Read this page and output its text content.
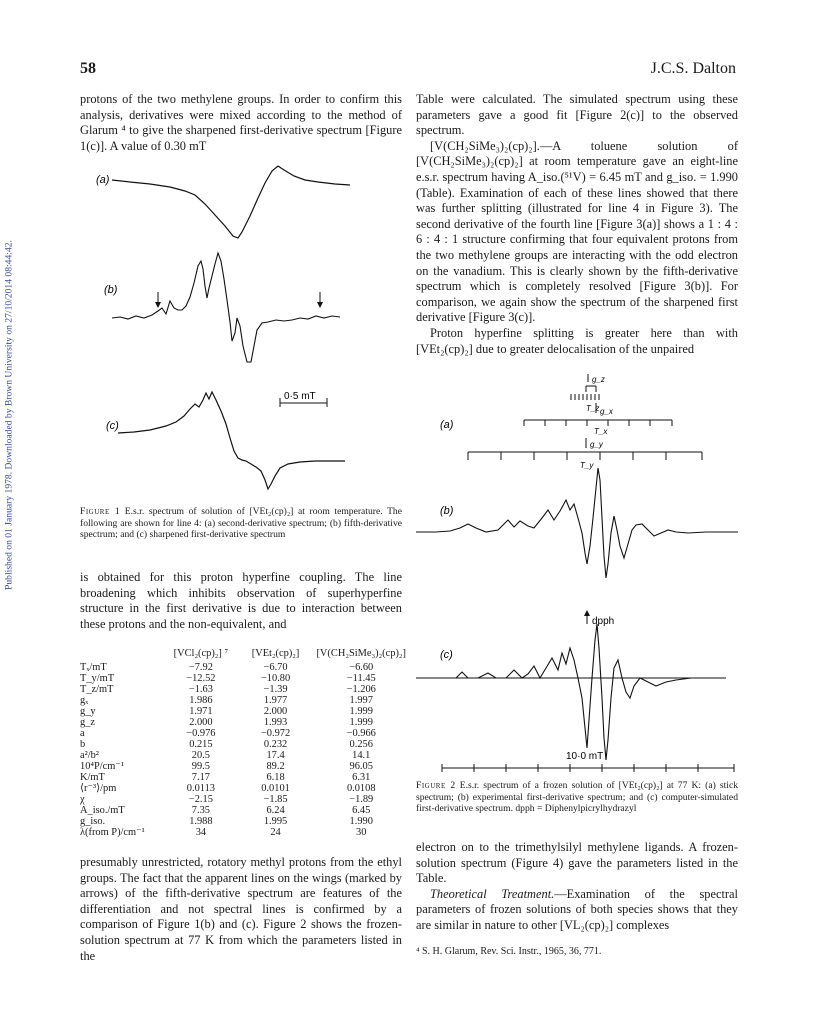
58	J.C.S. Dalton
Published on 01 January 1978. Downloaded by Brown University on 27/10/2014 08:44:42.

protons of the two methylene groups. In order to confirm this analysis, derivatives were mixed according to the method of Glarum ⁴ to give the sharpened first-derivative spectrum [Figure 1(c)]. A value of 0.30 mT

(a)
(b)
0·5 mT
(c)
Figure 1 E.s.r. spectrum of solution of [VEt₂(cp)₂] at room temperature. The following are shown for line 4: (a) second-derivative spectrum; (b) fifth-derivative spectrum; and (c) sharpened first-derivative spectrum

is obtained for this proton hyperfine coupling. The line broadening which inhibits observation of superhyperfine structure in the first derivative is due to interaction between these protons and the non-equivalent, and

	[VCl₂(cp)₂] ⁷	[VEt₂(cp)₂]	[V(CH₂SiMe₃)₂(cp)₂]
Tₓ/mT	−7.92	−6.70	−6.60
T_y/mT	−12.52	−10.80	−11.45
T_z/mT	−1.63	−1.39	−1.206
gₓ	1.986	1.977	1.997
g_y	1.971	2.000	1.999
g_z	2.000	1.993	1.999
a	−0.976	−0.972	−0.966
b	0.215	0.232	0.256
a²/b²	20.5	17.4	14.1
10⁴P/cm⁻¹	99.5	89.2	96.05
K/mT	7.17	6.18	6.31
⟨r⁻³⟩/pm	0.0113	0.0101	0.0108
χ	−2.15	−1.85	−1.89
A_iso./mT	7.35	6.24	6.45
g_iso.	1.988	1.995	1.990
λ(from P)/cm⁻¹	34	24	30

presumably unrestricted, rotatory methyl protons from the ethyl groups. The fact that the apparent lines on the wings (marked by arrows) of the fifth-derivative spectrum are features of the differentiation and not spectral lines is confirmed by a comparison of Figure 1(b) and (c). Figure 2 shows the frozen-solution spectrum at 77 K from which the parameters listed in the

Table were calculated. The simulated spectrum using these parameters gave a good fit [Figure 2(c)] to the observed spectrum.

[V(CH₂SiMe₃)₂(cp)₂].—A toluene solution of [V(CH₂SiMe₃)₂(cp)₂] at room temperature gave an eight-line e.s.r. spectrum having A_iso.(⁵¹V) = 6.45 mT and g_iso. = 1.990 (Table). Examination of each of these lines showed that there was further splitting (illustrated for line 4 in Figure 3). The second derivative of the fourth line [Figure 3(a)] shows a 1 : 4 : 6 : 4 : 1 structure confirming that four equivalent protons from the two methylene groups are interacting with the odd electron on the vanadium. This is clearly shown by the fifth-derivative spectrum which is completely resolved [Figure 3(b)]. For comparison, we again show the spectrum of the sharpened first derivative [Figure 3(c)].

Proton hyperfine splitting is greater here than with [VEt₂(cp)₂] due to greater delocalisation of the unpaired

(a)
g_z
T_z g_x
T_x
g_y
T_y
(b)
dpph
(c)
10·0 mT
Figure 2 E.s.r. spectrum of a frozen solution of [VEt₂(cp)₂] at 77 K: (a) stick spectrum; (b) experimental first-derivative spectrum; and (c) computer-simulated first-derivative spectrum. dpph = Diphenylpicrylhydrazyl

electron on to the trimethylsilyl methylene ligands. A frozen-solution spectrum (Figure 4) gave the parameters listed in the Table.

Theoretical Treatment.—Examination of the spectral parameters of frozen solutions of both species shows that they are similar in nature to other [VL₂(cp)₂] complexes

⁴ S. H. Glarum, Rev. Sci. Instr., 1965, 36, 771.
